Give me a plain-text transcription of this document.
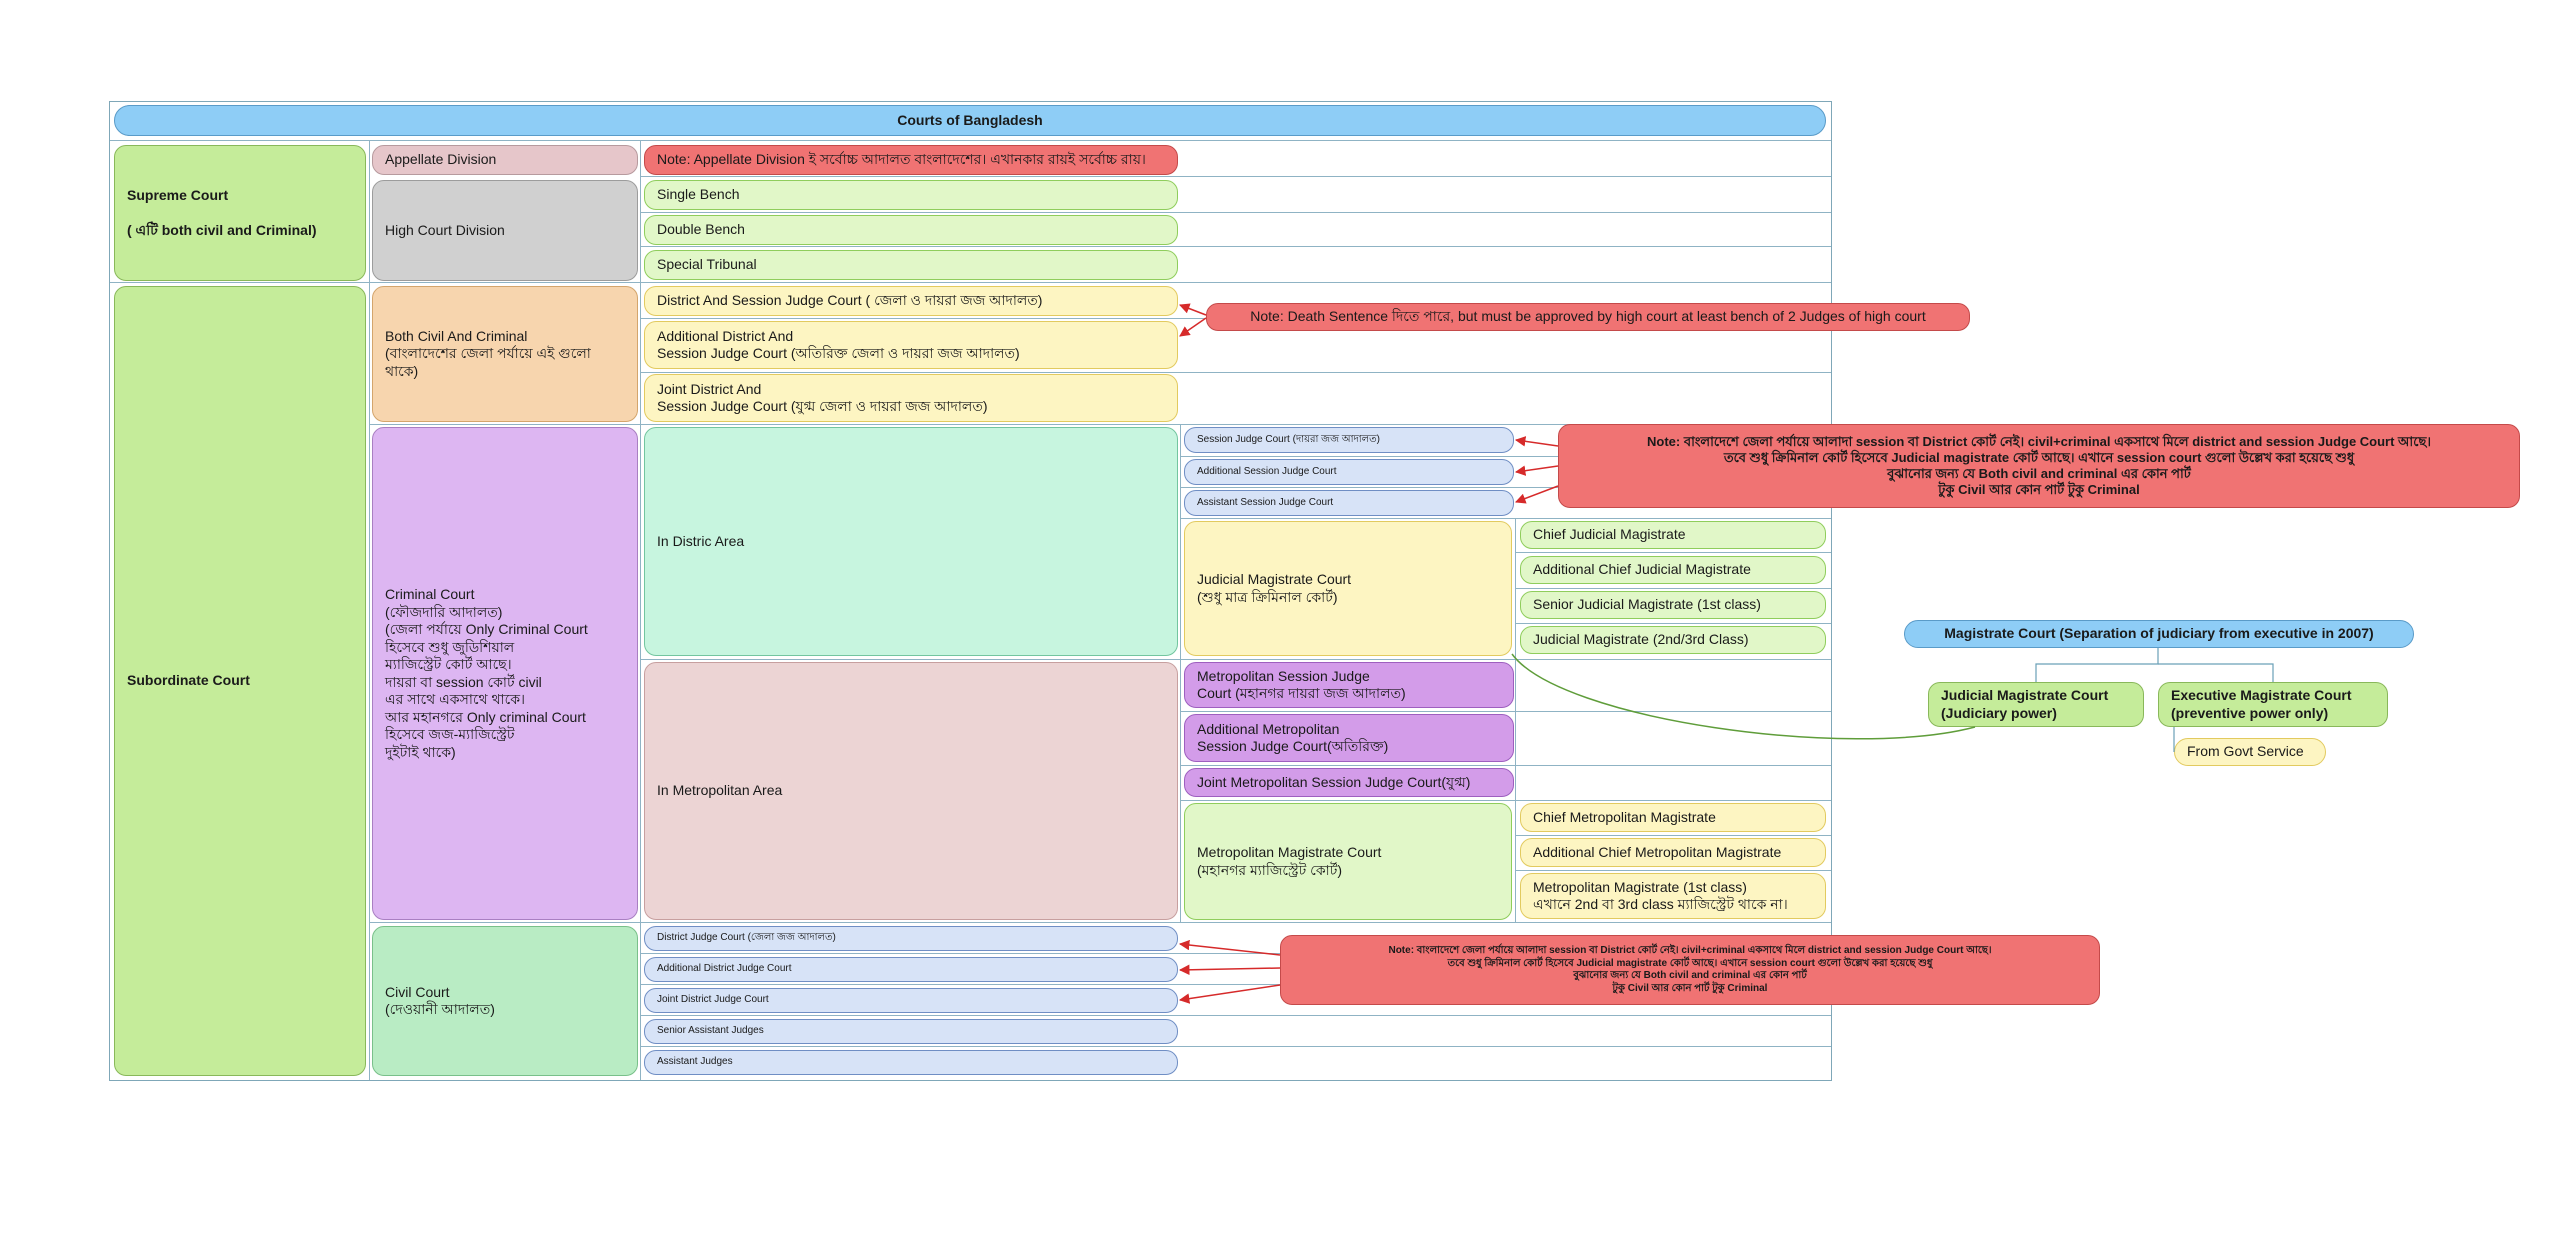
Courts of Bangladesh
Supreme Court

( এটি both civil and Criminal)
Appellate Division	Note: Appellate Division ই সর্বোচ্চ আদালত বাংলাদেশের। এখানকার রায়ই সর্বোচ্চ রায়।
High Court Division
Single Bench
Double Bench
Special Tribunal
Subordinate Court
Both Civil And Criminal
(বাংলাদেশের জেলা পর্যায়ে এই গুলো থাকে)
District And Session Judge Court ( জেলা ও দায়রা জজ আদালত)
Additional District And
Session Judge Court (অতিরিক্ত জেলা ও দায়রা জজ আদালত)
Joint District And
Session Judge Court (যুগ্ম জেলা ও দায়রা জজ আদালত)
Note: Death Sentence দিতে পারে, but must be approved by high court at least bench of 2 Judges of high court
Criminal Court
(ফৌজদারি আদালত)
(জেলা পর্যায়ে Only Criminal Court
হিসেবে শুধু জুডিশিয়াল
ম্যাজিস্ট্রেট কোর্ট আছে।
দায়রা বা session কোর্ট civil
এর সাথে একসাথে থাকে।
আর মহানগরে Only criminal Court
হিসেবে জজ-ম্যাজিস্ট্রেট
দুইটাই থাকে)
In Distric Area
Session Judge Court (দায়রা জজ আদালত)
Additional Session Judge Court
Assistant Session Judge Court
Note: বাংলাদেশে জেলা পর্যায়ে আলাদা session বা District কোর্ট নেই। civil+criminal একসাথে মিলে district and session Judge Court আছে।
তবে শুধু ক্রিমিনাল কোর্ট হিসেবে Judicial magistrate কোর্ট আছে। এখানে session court গুলো উল্লেখ করা হয়েছে শুধু
বুঝানোর জন্য যে Both civil and criminal এর কোন পার্ট
টুকু Civil আর কোন পার্ট টুকু Criminal
Judicial Magistrate Court
(শুধু মাত্র ক্রিমিনাল কোর্ট)
Chief Judicial Magistrate
Additional Chief Judicial Magistrate
Senior Judicial Magistrate (1st class)
Judicial Magistrate (2nd/3rd Class)
In Metropolitan Area
Metropolitan Session Judge
Court (মহানগর দায়রা জজ আদালত)
Additional Metropolitan
Session Judge Court(অতিরিক্ত)
Joint Metropolitan Session Judge Court(যুগ্ম)
Metropolitan Magistrate Court
(মহানগর ম্যাজিস্ট্রেট কোর্ট)
Chief Metropolitan Magistrate
Additional Chief Metropolitan Magistrate
Metropolitan Magistrate (1st class)
এখানে 2nd বা 3rd class ম্যাজিস্ট্রেট থাকে না।
Civil Court
(দেওয়ানী আদালত)
District Judge Court (জেলা জজ আদালত)
Additional District Judge Court
Joint District Judge Court
Senior Assistant Judges
Assistant Judges
Note: বাংলাদেশে জেলা পর্যায়ে আলাদা session বা District কোর্ট নেই। civil+criminal একসাথে মিলে district and session Judge Court আছে।
তবে শুধু ক্রিমিনাল কোর্ট হিসেবে Judicial magistrate কোর্ট আছে। এখানে session court গুলো উল্লেখ করা হয়েছে শুধু
বুঝানোর জন্য যে Both civil and criminal এর কোন পার্ট
টুকু Civil আর কোন পার্ট টুকু Criminal
Magistrate Court (Separation of judiciary from executive in 2007)
Judicial Magistrate Court
(Judiciary power)
Executive Magistrate Court
(preventive power only)
From Govt Service
